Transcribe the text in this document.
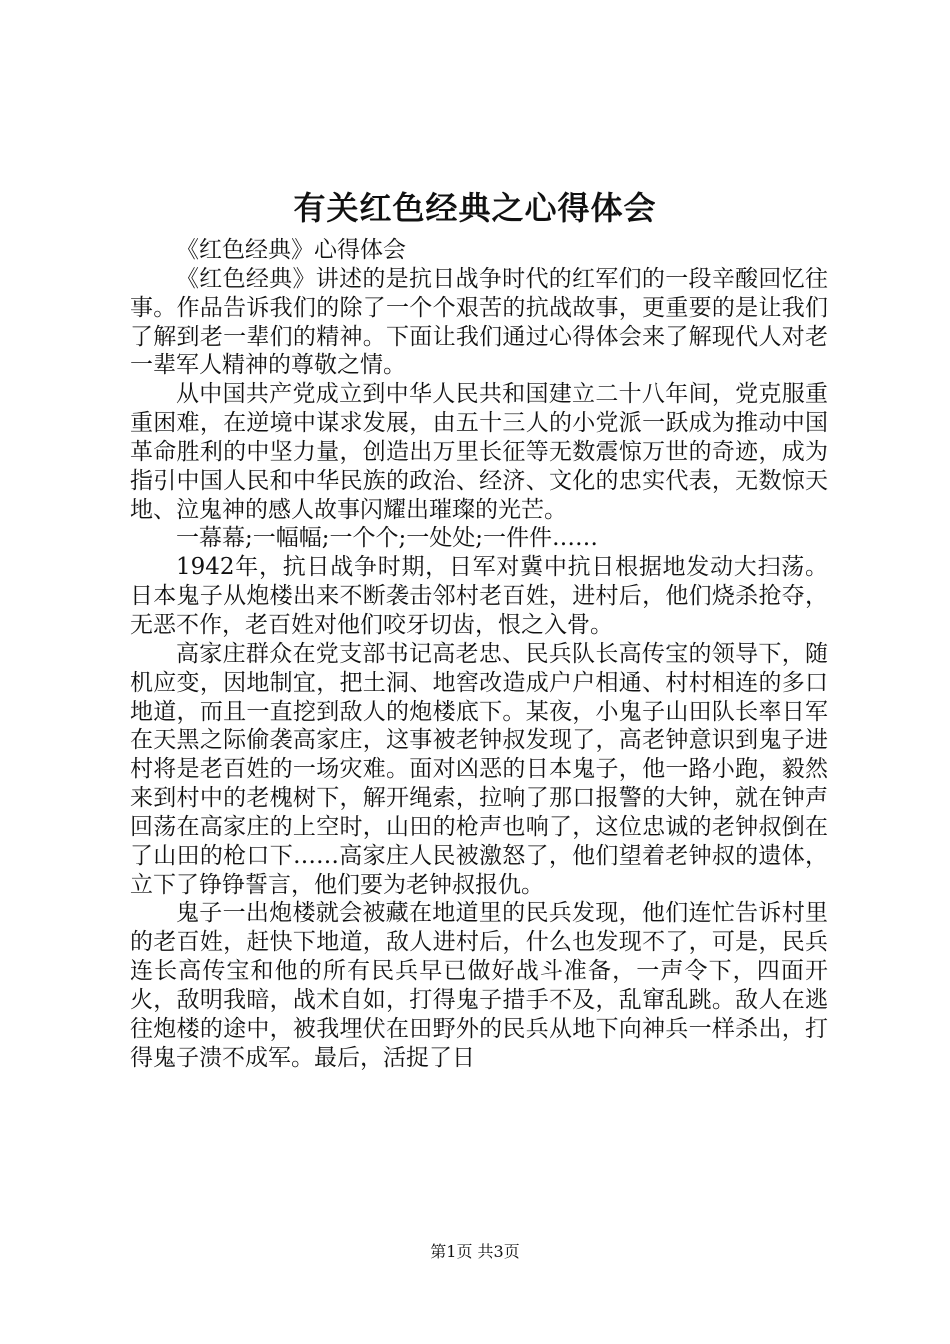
有关红色经典之心得体会

《红色经典》心得体会

《红色经典》讲述的是抗日战争时代的红军们的一段辛酸回忆往事。作品告诉我们的除了一个个艰苦的抗战故事，更重要的是让我们了解到老一辈们的精神。下面让我们通过心得体会来了解现代人对老一辈军人精神的尊敬之情。

从中国共产党成立到中华人民共和国建立二十八年间，党克服重重困难，在逆境中谋求发展，由五十三人的小党派一跃成为推动中国革命胜利的中坚力量，创造出万里长征等无数震惊万世的奇迹，成为指引中国人民和中华民族的政治、经济、文化的忠实代表，无数惊天地、泣鬼神的感人故事闪耀出璀璨的光芒。

一幕幕;一幅幅;一个个;一处处;一件件……

1942年，抗日战争时期，日军对冀中抗日根据地发动大扫荡。日本鬼子从炮楼出来不断袭击邻村老百姓，进村后，他们烧杀抢夺，无恶不作，老百姓对他们咬牙切齿，恨之入骨。

高家庄群众在党支部书记高老忠、民兵队长高传宝的领导下，随机应变，因地制宜，把土洞、地窖改造成户户相通、村村相连的多口地道，而且一直挖到敌人的炮楼底下。某夜，小鬼子山田队长率日军在天黑之际偷袭高家庄，这事被老钟叔发现了，高老钟意识到鬼子进村将是老百姓的一场灾难。面对凶恶的日本鬼子，他一路小跑，毅然来到村中的老槐树下，解开绳索，拉响了那口报警的大钟，就在钟声回荡在高家庄的上空时，山田的枪声也响了，这位忠诚的老钟叔倒在了山田的枪口下……高家庄人民被激怒了，他们望着老钟叔的遗体，立下了铮铮誓言，他们要为老钟叔报仇。

鬼子一出炮楼就会被藏在地道里的民兵发现，他们连忙告诉村里的老百姓，赶快下地道，敌人进村后，什么也发现不了，可是，民兵连长高传宝和他的所有民兵早已做好战斗准备，一声令下，四面开火，敌明我暗，战术自如，打得鬼子措手不及，乱窜乱跳。敌人在逃往炮楼的途中，被我埋伏在田野外的民兵从地下向神兵一样杀出，打得鬼子溃不成军。最后，活捉了日

第1页 共3页
